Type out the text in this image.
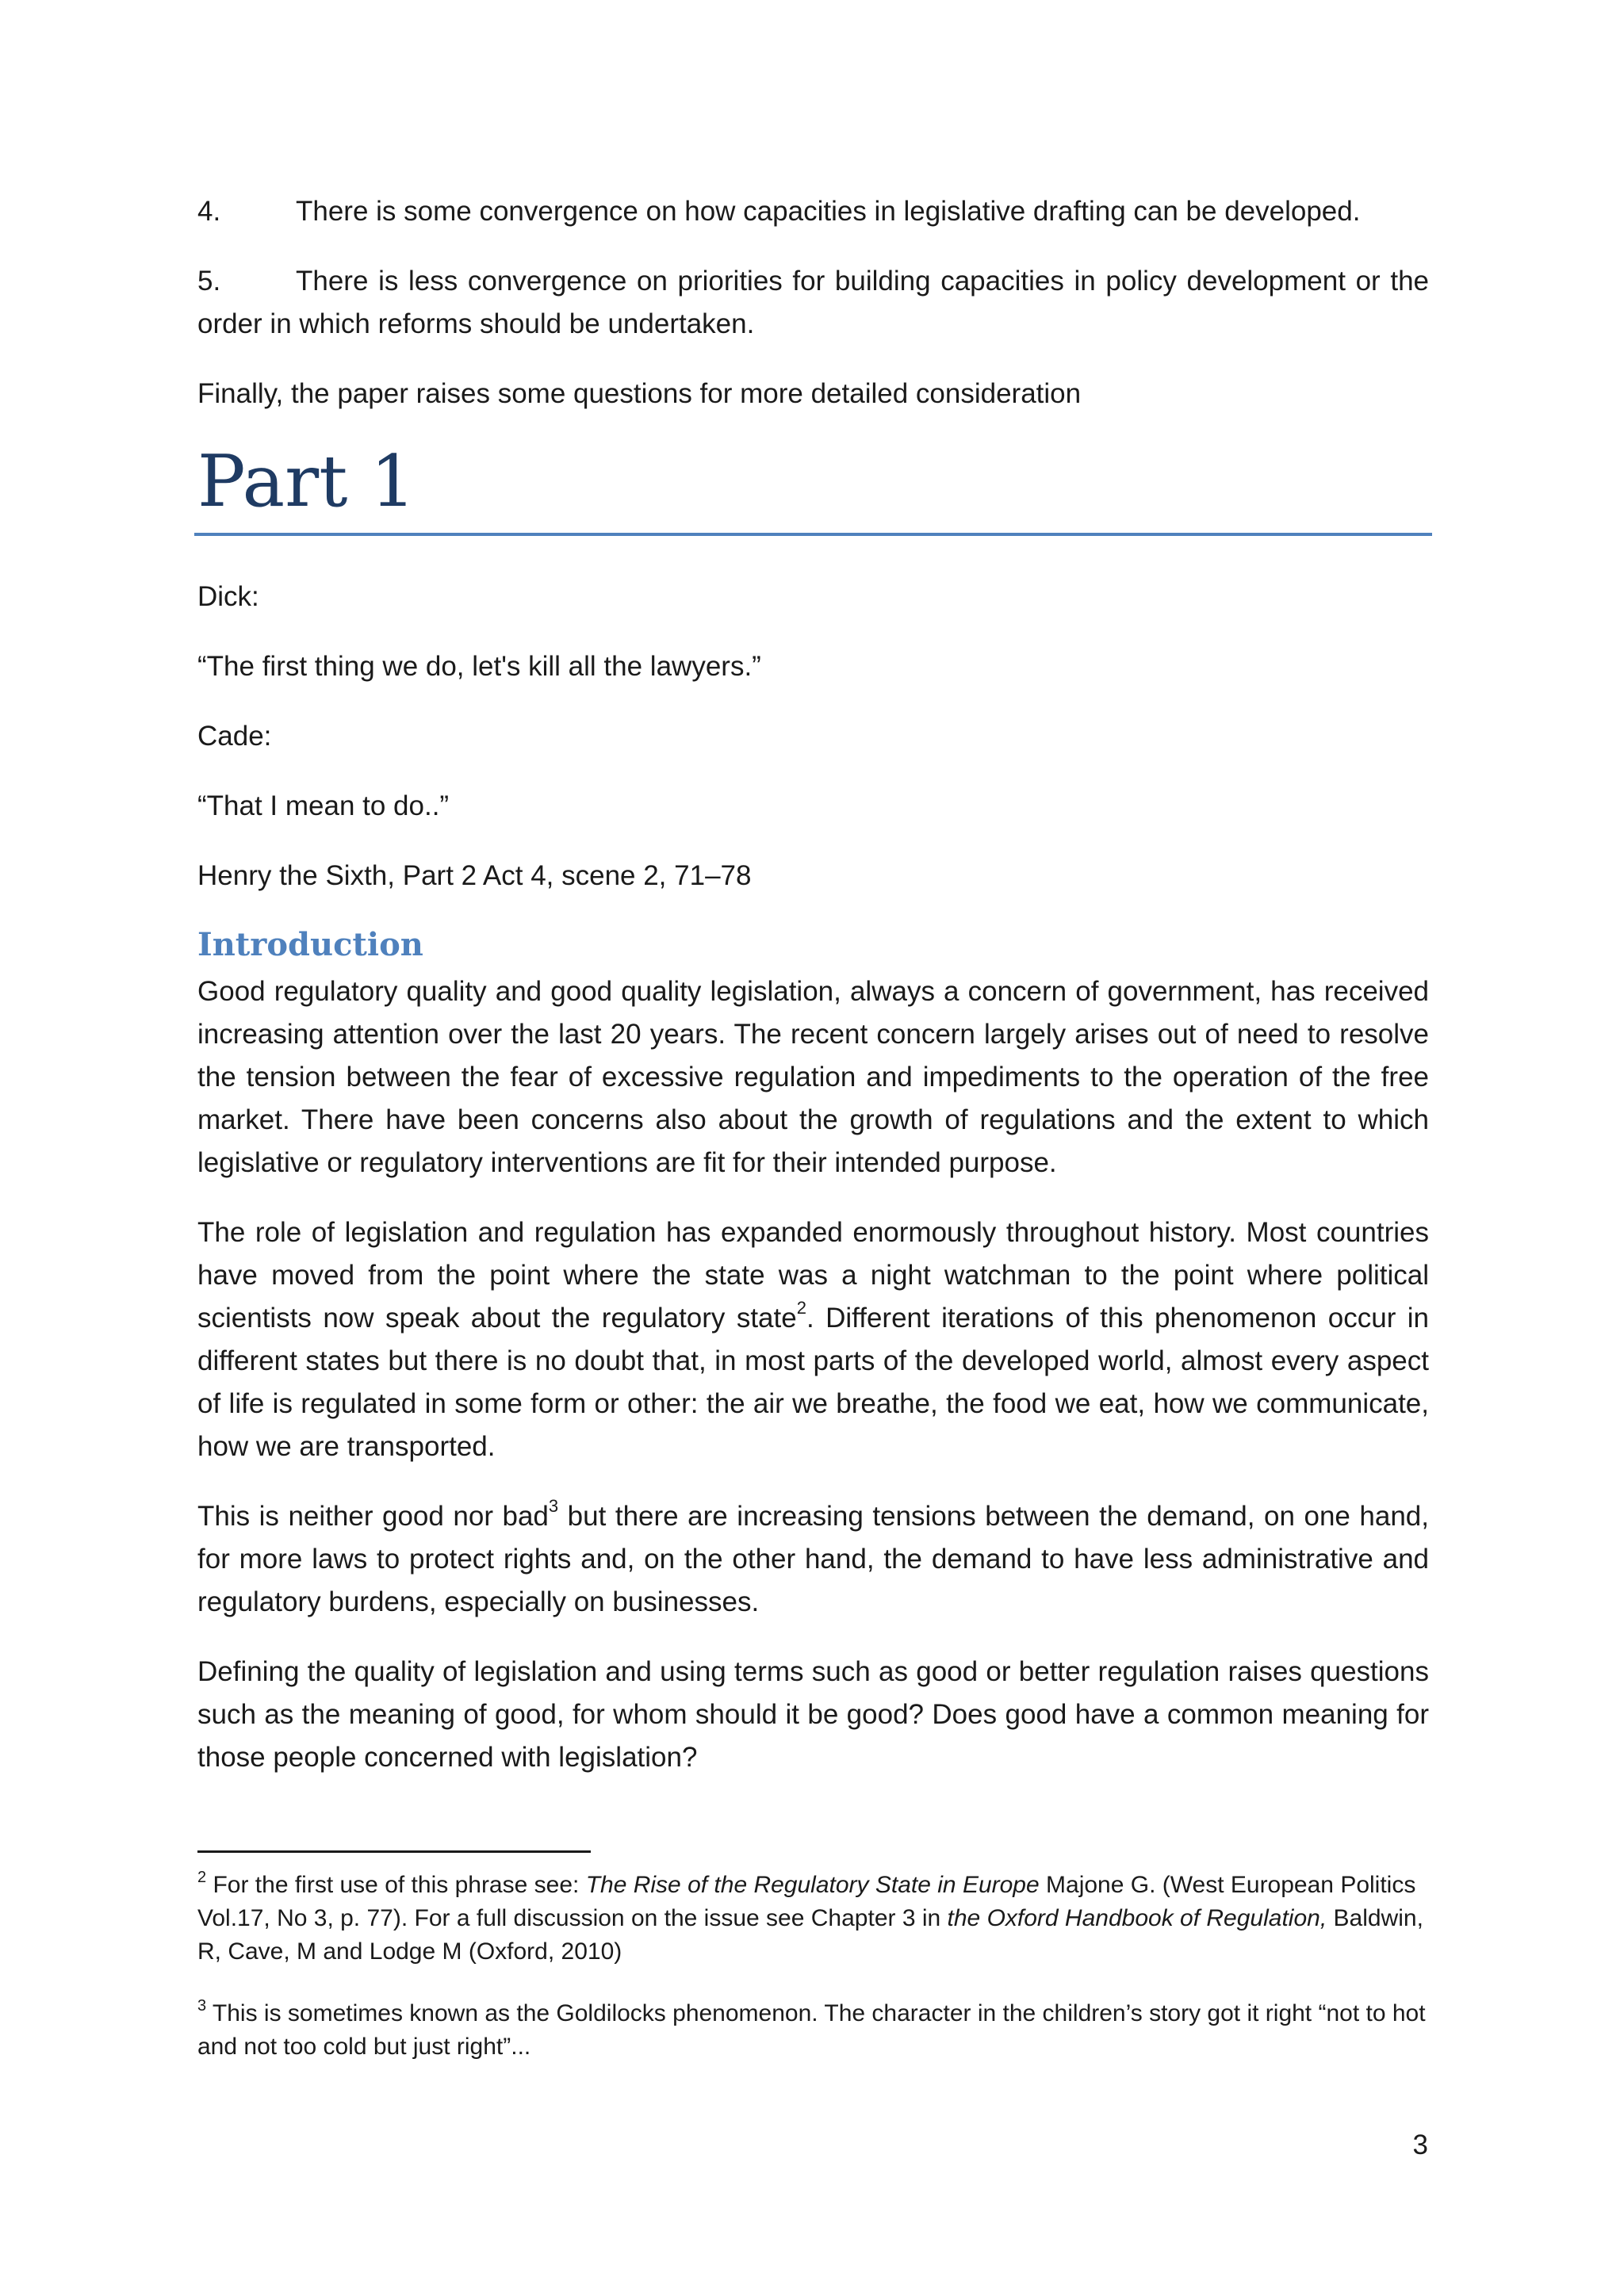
4.	There is some convergence on how capacities in legislative drafting can be developed.
5.	There is less convergence on priorities for building capacities in policy development or the order in which reforms should be undertaken.

Finally, the paper raises some questions for more detailed consideration

Part 1

Dick:

“The first thing we do, let's kill all the lawyers.”

Cade:

“That I mean to do..”

Henry the Sixth, Part 2 Act 4, scene 2, 71–78

Introduction

Good regulatory quality and good quality legislation, always a concern of government, has received increasing attention over the last 20 years. The recent concern largely arises out of need to resolve the tension between the fear of excessive regulation and impediments to the operation of the free market. There have been concerns also about the growth of regulations and the extent to which legislative or regulatory interventions are fit for their intended purpose.

The role of legislation and regulation has expanded enormously throughout history. Most countries have moved from the point where the state was a night watchman to the point where political scientists now speak about the regulatory state$^2$. Different iterations of this phenomenon occur in different states but there is no doubt that, in most parts of the developed world, almost every aspect of life is regulated in some form or other: the air we breathe, the food we eat, how we communicate, how we are transported.

This is neither good nor bad$^3$ but there are increasing tensions between the demand, on one hand, for more laws to protect rights and, on the other hand, the demand to have less administrative and regulatory burdens, especially on businesses.

Defining the quality of legislation and using terms such as good or better regulation raises questions such as the meaning of good, for whom should it be good? Does good have a common meaning for those people concerned with legislation?

$^2$ For the first use of this phrase see: The Rise of the Regulatory State in Europe Majone G. (West European Politics Vol.17, No 3, p. 77). For a full discussion on the issue see Chapter 3 in the Oxford Handbook of Regulation, Baldwin, R, Cave, M and Lodge M (Oxford, 2010)

$^3$ This is sometimes known as the Goldilocks phenomenon. The character in the children’s story got it right “not to hot and not too cold but just right”...

3
